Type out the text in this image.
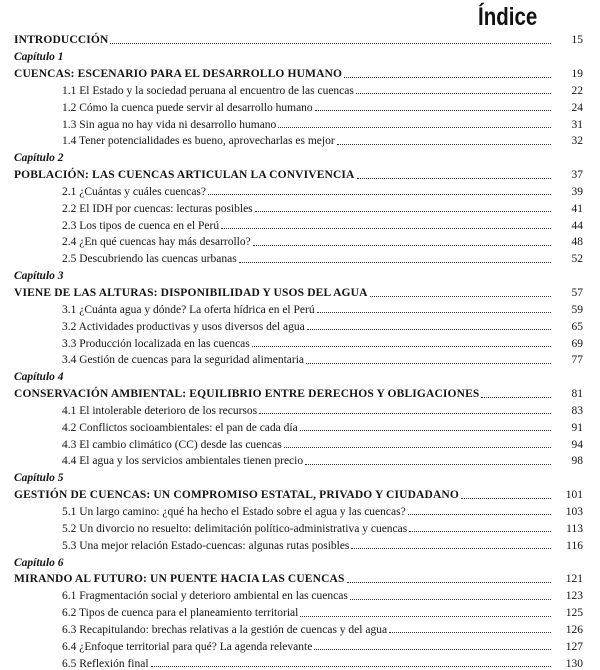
Índice
INTRODUCCIÓN	15
Capítulo 1
CUENCAS: ESCENARIO PARA EL DESARROLLO HUMANO	19
1.1 El Estado y la sociedad peruana al encuentro de las cuencas	22
1.2 Cómo la cuenca puede servir al desarrollo humano	24
1.3 Sin agua no hay vida ni desarrollo humano	31
1.4 Tener potencialidades es bueno, aprovecharlas es mejor	32
Capítulo 2
POBLACIÓN: LAS CUENCAS ARTICULAN LA CONVIVENCIA	37
2.1 ¿Cuántas y cuáles cuencas?	39
2.2 El IDH por cuencas: lecturas posibles	41
2.3 Los tipos de cuenca en el Perú	44
2.4 ¿En qué cuencas hay más desarrollo?	48
2.5 Descubriendo las cuencas urbanas	52
Capítulo 3
VIENE DE LAS ALTURAS: DISPONIBILIDAD Y USOS DEL AGUA	57
3.1 ¿Cuánta agua y dónde? La oferta hídrica en el Perú	59
3.2 Actividades productivas y usos diversos del agua	65
3.3 Producción localizada en las cuencas	69
3.4 Gestión de cuencas para la seguridad alimentaria	77
Capítulo 4
CONSERVACIÓN AMBIENTAL: EQUILIBRIO ENTRE DERECHOS Y OBLIGACIONES	81
4.1 El intolerable deterioro de los recursos	83
4.2 Conflictos socioambientales: el pan de cada día	91
4.3 El cambio climático (CC) desde las cuencas	94
4.4 El agua y los servicios ambientales tienen precio	98
Capítulo 5
GESTIÓN DE CUENCAS: UN COMPROMISO ESTATAL, PRIVADO Y CIUDADANO	101
5.1 Un largo camino: ¿qué ha hecho el Estado sobre el agua y las cuencas?	103
5.2 Un divorcio no resuelto: delimitación político-administrativa y cuencas	113
5.3 Una mejor relación Estado-cuencas: algunas rutas posibles	116
Capítulo 6
MIRANDO AL FUTURO: UN PUENTE HACIA LAS CUENCAS	121
6.1 Fragmentación social y deterioro ambiental en las cuencas	123
6.2 Tipos de cuenca para el planeamiento territorial	125
6.3 Recapitulando: brechas relativas a la gestión de cuencas y del agua	126
6.4 ¿Enfoque territorial para qué? La agenda relevante	127
6.5 Reflexión final	130
